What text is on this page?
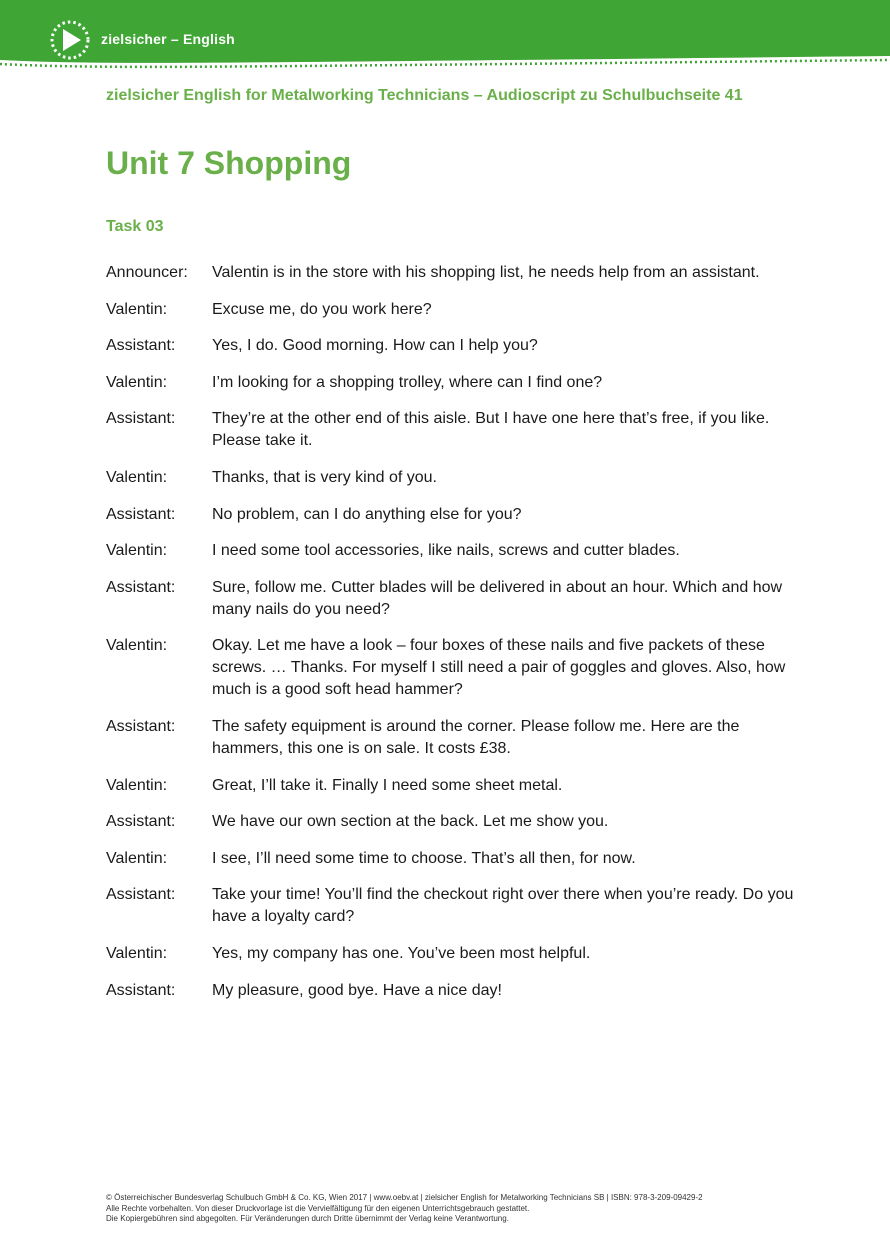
zielsicher – English
zielsicher English for Metalworking Technicians – Audioscript zu Schulbuchseite 41
Unit 7 Shopping
Task 03
Announcer:	Valentin is in the store with his shopping list, he needs help from an assistant.
Valentin:	Excuse me, do you work here?
Assistant:	Yes, I do. Good morning. How can I help you?
Valentin:	I’m looking for a shopping trolley, where can I find one?
Assistant:	They’re at the other end of this aisle. But I have one here that’s free, if you like. Please take it.
Valentin:	Thanks, that is very kind of you.
Assistant:	No problem, can I do anything else for you?
Valentin:	I need some tool accessories, like nails, screws and cutter blades.
Assistant:	Sure, follow me. Cutter blades will be delivered in about an hour. Which and how many nails do you need?
Valentin:	Okay. Let me have a look – four boxes of these nails and five packets of these screws. … Thanks. For myself I still need a pair of goggles and gloves. Also, how much is a good soft head hammer?
Assistant:	The safety equipment is around the corner. Please follow me. Here are the hammers, this one is on sale. It costs £38.
Valentin:	Great, I’ll take it. Finally I need some sheet metal.
Assistant:	We have our own section at the back. Let me show you.
Valentin:	I see, I’ll need some time to choose. That’s all then, for now.
Assistant:	Take your time! You’ll find the checkout right over there when you’re ready. Do you have a loyalty card?
Valentin:	Yes, my company has one. You’ve been most helpful.
Assistant:	My pleasure, good bye. Have a nice day!
© Österreichischer Bundesverlag Schulbuch GmbH & Co. KG, Wien 2017 | www.oebv.at | zielsicher English for Metalworking Technicians SB | ISBN: 978-3-209-09429-2
Alle Rechte vorbehalten. Von dieser Druckvorlage ist die Vervielfältigung für den eigenen Unterrichtsgebrauch gestattet.
Die Kopiergebühren sind abgegolten. Für Veränderungen durch Dritte übernimmt der Verlag keine Verantwortung.
